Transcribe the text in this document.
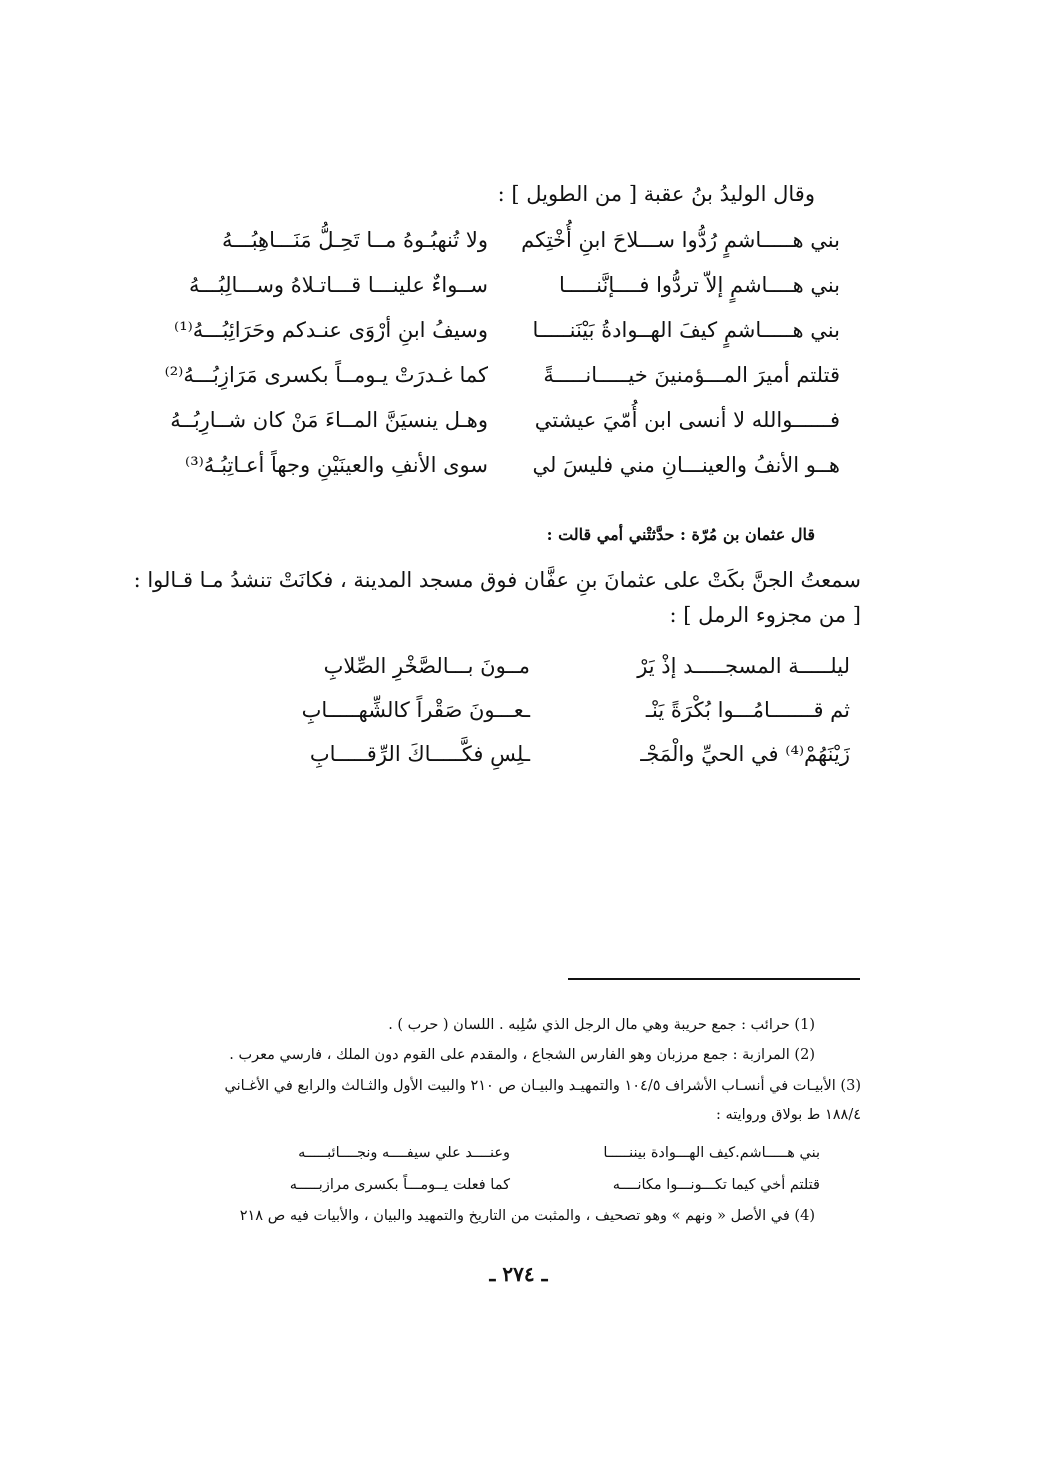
وقال الوليدُ بنُ عقبة [ من الطويل ] :
بني هـــــاشمٍ رُدُّوا ســـلاحَ ابنِ أُخْتِكم
ولا تُنهبُـوهُ مــا تَحِـلُّ مَنَـــاهِبُـــهُ
بني هــــاشمٍ إلاّ تردُّوا فــــإنَّنـــــا
ســواءٌ علينـــا قـــاتـلاهُ وســـالِبُـــهُ
بني هـــــاشمٍ كيفَ الهــوادةُ بَيْنَنـــــا
وسيفُ ابنِ أرْوَى عنـدكم وحَرَائِبُـــهُ⁽¹⁾
قتلتم أميرَ المـــؤمنينَ خيـــــانـــــةً
كما غـدرَتْ يـومــاً بكسرى مَرَازِبُـــهُ⁽²⁾
فــــــوالله لا أنسى ابن أُمّيَ عيشتي
وهـل ينسيَنَّ المــاءَ مَنْ كان شــارِبُــهُ
هــو الأنفُ والعينـــانِ مني فليسَ لي
سوى الأنفِ والعينَيْنِ وجهاً أعـاتِبُـهُ⁽³⁾
قال عثمان بن مُرّة : حدَّثتْني أمي قالت :
سمعتُ الجنَّ بكَتْ على عثمانَ بنِ عفَّان فوق مسجد المدينة ، فكانَتْ تنشدُ مـا قـالوا :
[ من مجزوء الرمل ] :
ليلـــــة المسجـــــد إذْ يَرْ
مــونَ بـــالصَّخْرِ الصِّلابِ
ثم قـــــــامُـــوا بُكْرَةً يَنْـ
ـعـــونَ صَقْراً كالشِّهـــــابِ
زَيْنَهُمْ⁽⁴⁾ في الحيِّ والْمَجْـ
ـلِسِ فكَّـــــاكَ الرِّقـــــابِ
(1) حرائب : جمع حريبة وهي مال الرجل الذي سُلِبه . اللسان ( حرب ) .
(2) المرازبة : جمع مرزبان وهو الفارس الشجاع ، والمقدم على القوم دون الملك ، فارسي معرب .
(3) الأبيـات في أنسـاب الأشراف ١٠٤/٥ والتمهيـد والبيـان ص ٢١٠ والبيت الأول والثـالث والرابع في الأغـاني
١٨٨/٤ ط بولاق وروايته :
بني هـــــاشم.كيف الهـــوادة بيننـــــا
وعنــــد علي سيفــــه ونجــــائبـــــه
قتلتم أخي كيما تكـــونـــوا مكانــــه
كما فعلت يــومـــاً بكسرى مرازبـــــه
(4) في الأصل « ونهم » وهو تصحيف ، والمثبت من التاريخ والتمهيد والبيان ، والأبيات فيه ص ٢١٨
ـ ٢٧٤ ـ
